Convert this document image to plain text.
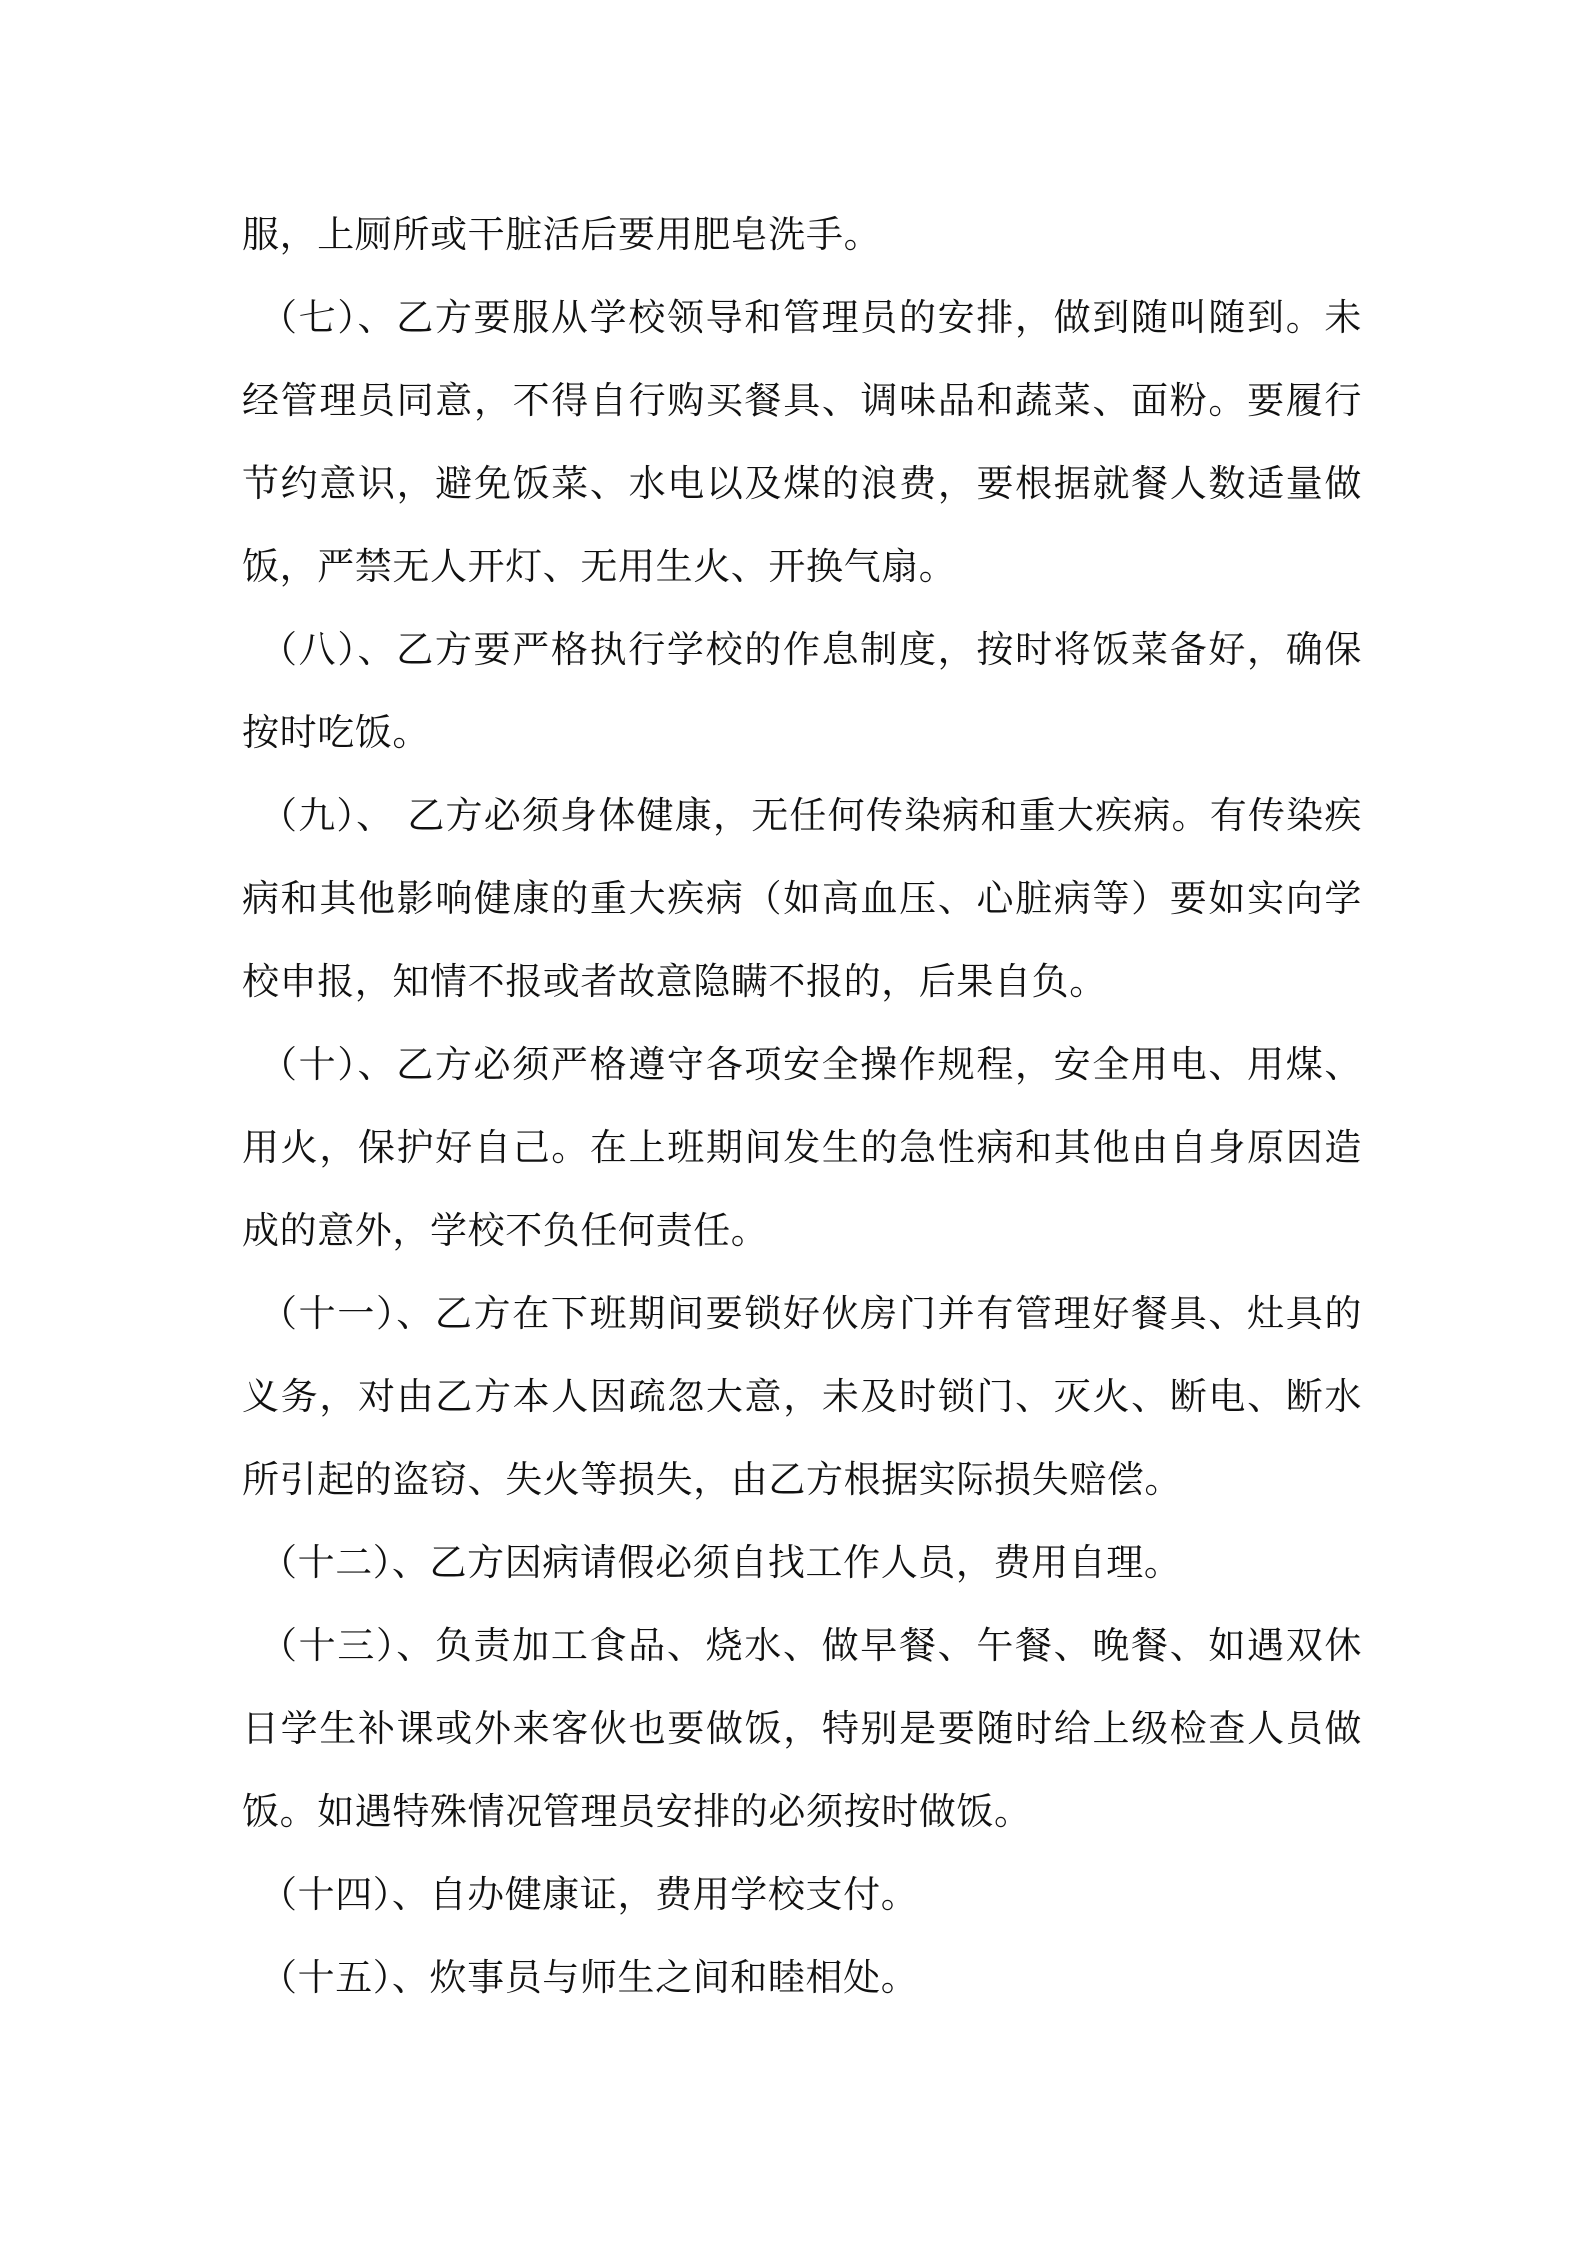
服，上厕所或干脏活后要用肥皂洗手。

（七）、乙方要服从学校领导和管理员的安排，做到随叫随到。未经管理员同意，不得自行购买餐具、调味品和蔬菜、面粉。要履行节约意识，避免饭菜、水电以及煤的浪费，要根据就餐人数适量做饭，严禁无人开灯、无用生火、开换气扇。

（八）、乙方要严格执行学校的作息制度，按时将饭菜备好，确保按时吃饭。

（九）、 乙方必须身体健康，无任何传染病和重大疾病。有传染疾病和其他影响健康的重大疾病（如高血压、心脏病等）要如实向学校申报，知情不报或者故意隐瞒不报的，后果自负。

（十）、乙方必须严格遵守各项安全操作规程，安全用电、用煤、用火，保护好自己。在上班期间发生的急性病和其他由自身原因造成的意外，学校不负任何责任。

（十一）、乙方在下班期间要锁好伙房门并有管理好餐具、灶具的义务，对由乙方本人因疏忽大意，未及时锁门、灭火、断电、断水所引起的盗窃、失火等损失，由乙方根据实际损失赔偿。

（十二）、乙方因病请假必须自找工作人员，费用自理。

（十三）、负责加工食品、烧水、做早餐、午餐、晚餐、如遇双休日学生补课或外来客伙也要做饭，特别是要随时给上级检查人员做饭。如遇特殊情况管理员安排的必须按时做饭。

（十四）、自办健康证，费用学校支付。

（十五）、炊事员与师生之间和睦相处。
